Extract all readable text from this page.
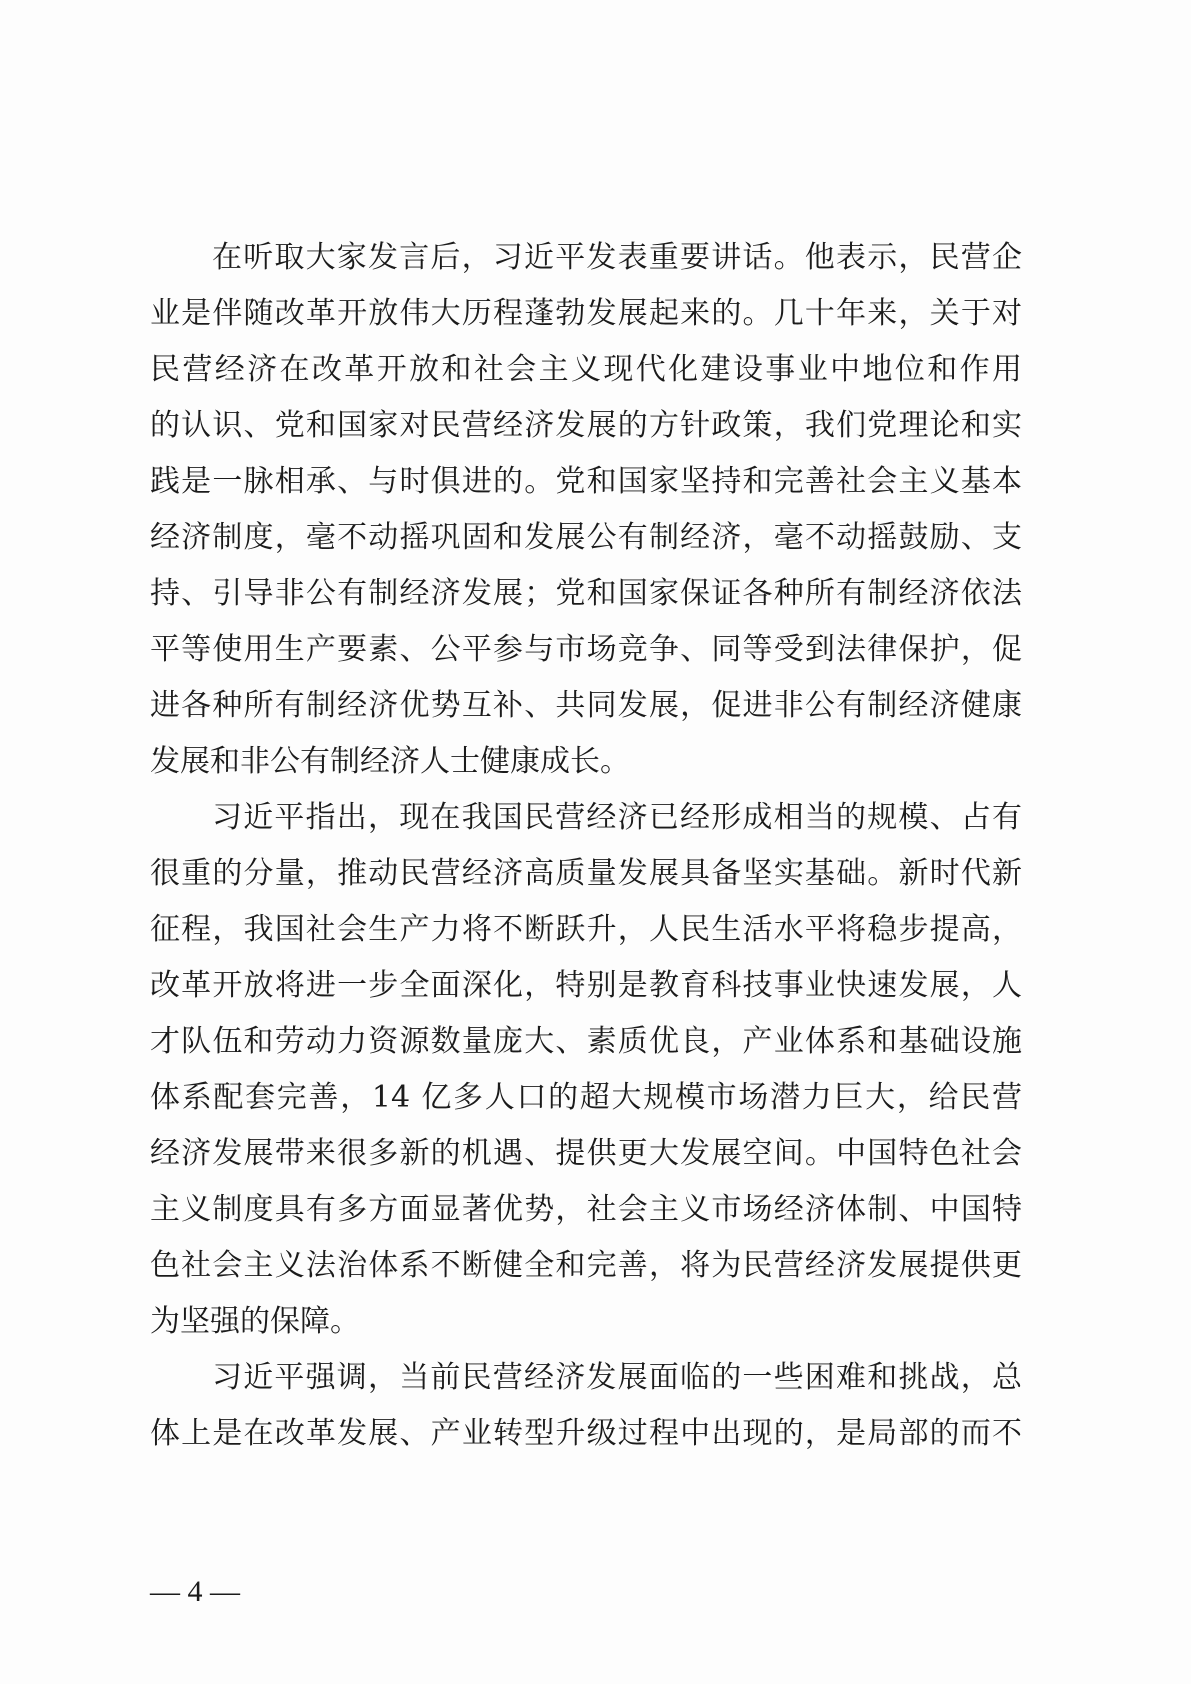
在听取大家发言后，习近平发表重要讲话。他表示，民营企
业是伴随改革开放伟大历程蓬勃发展起来的。几十年来，关于对
民营经济在改革开放和社会主义现代化建设事业中地位和作用
的认识、党和国家对民营经济发展的方针政策，我们党理论和实
践是一脉相承、与时俱进的。党和国家坚持和完善社会主义基本
经济制度，毫不动摇巩固和发展公有制经济，毫不动摇鼓励、支
持、引导非公有制经济发展；党和国家保证各种所有制经济依法
平等使用生产要素、公平参与市场竞争、同等受到法律保护，促
进各种所有制经济优势互补、共同发展，促进非公有制经济健康
发展和非公有制经济人士健康成长。
习近平指出，现在我国民营经济已经形成相当的规模、占有
很重的分量，推动民营经济高质量发展具备坚实基础。新时代新
征程，我国社会生产力将不断跃升，人民生活水平将稳步提高，
改革开放将进一步全面深化，特别是教育科技事业快速发展，人
才队伍和劳动力资源数量庞大、素质优良，产业体系和基础设施
体系配套完善，14 亿多人口的超大规模市场潜力巨大，给民营
经济发展带来很多新的机遇、提供更大发展空间。中国特色社会
主义制度具有多方面显著优势，社会主义市场经济体制、中国特
色社会主义法治体系不断健全和完善，将为民营经济发展提供更
为坚强的保障。
习近平强调，当前民营经济发展面临的一些困难和挑战，总
体上是在改革发展、产业转型升级过程中出现的，是局部的而不
— 4 —
